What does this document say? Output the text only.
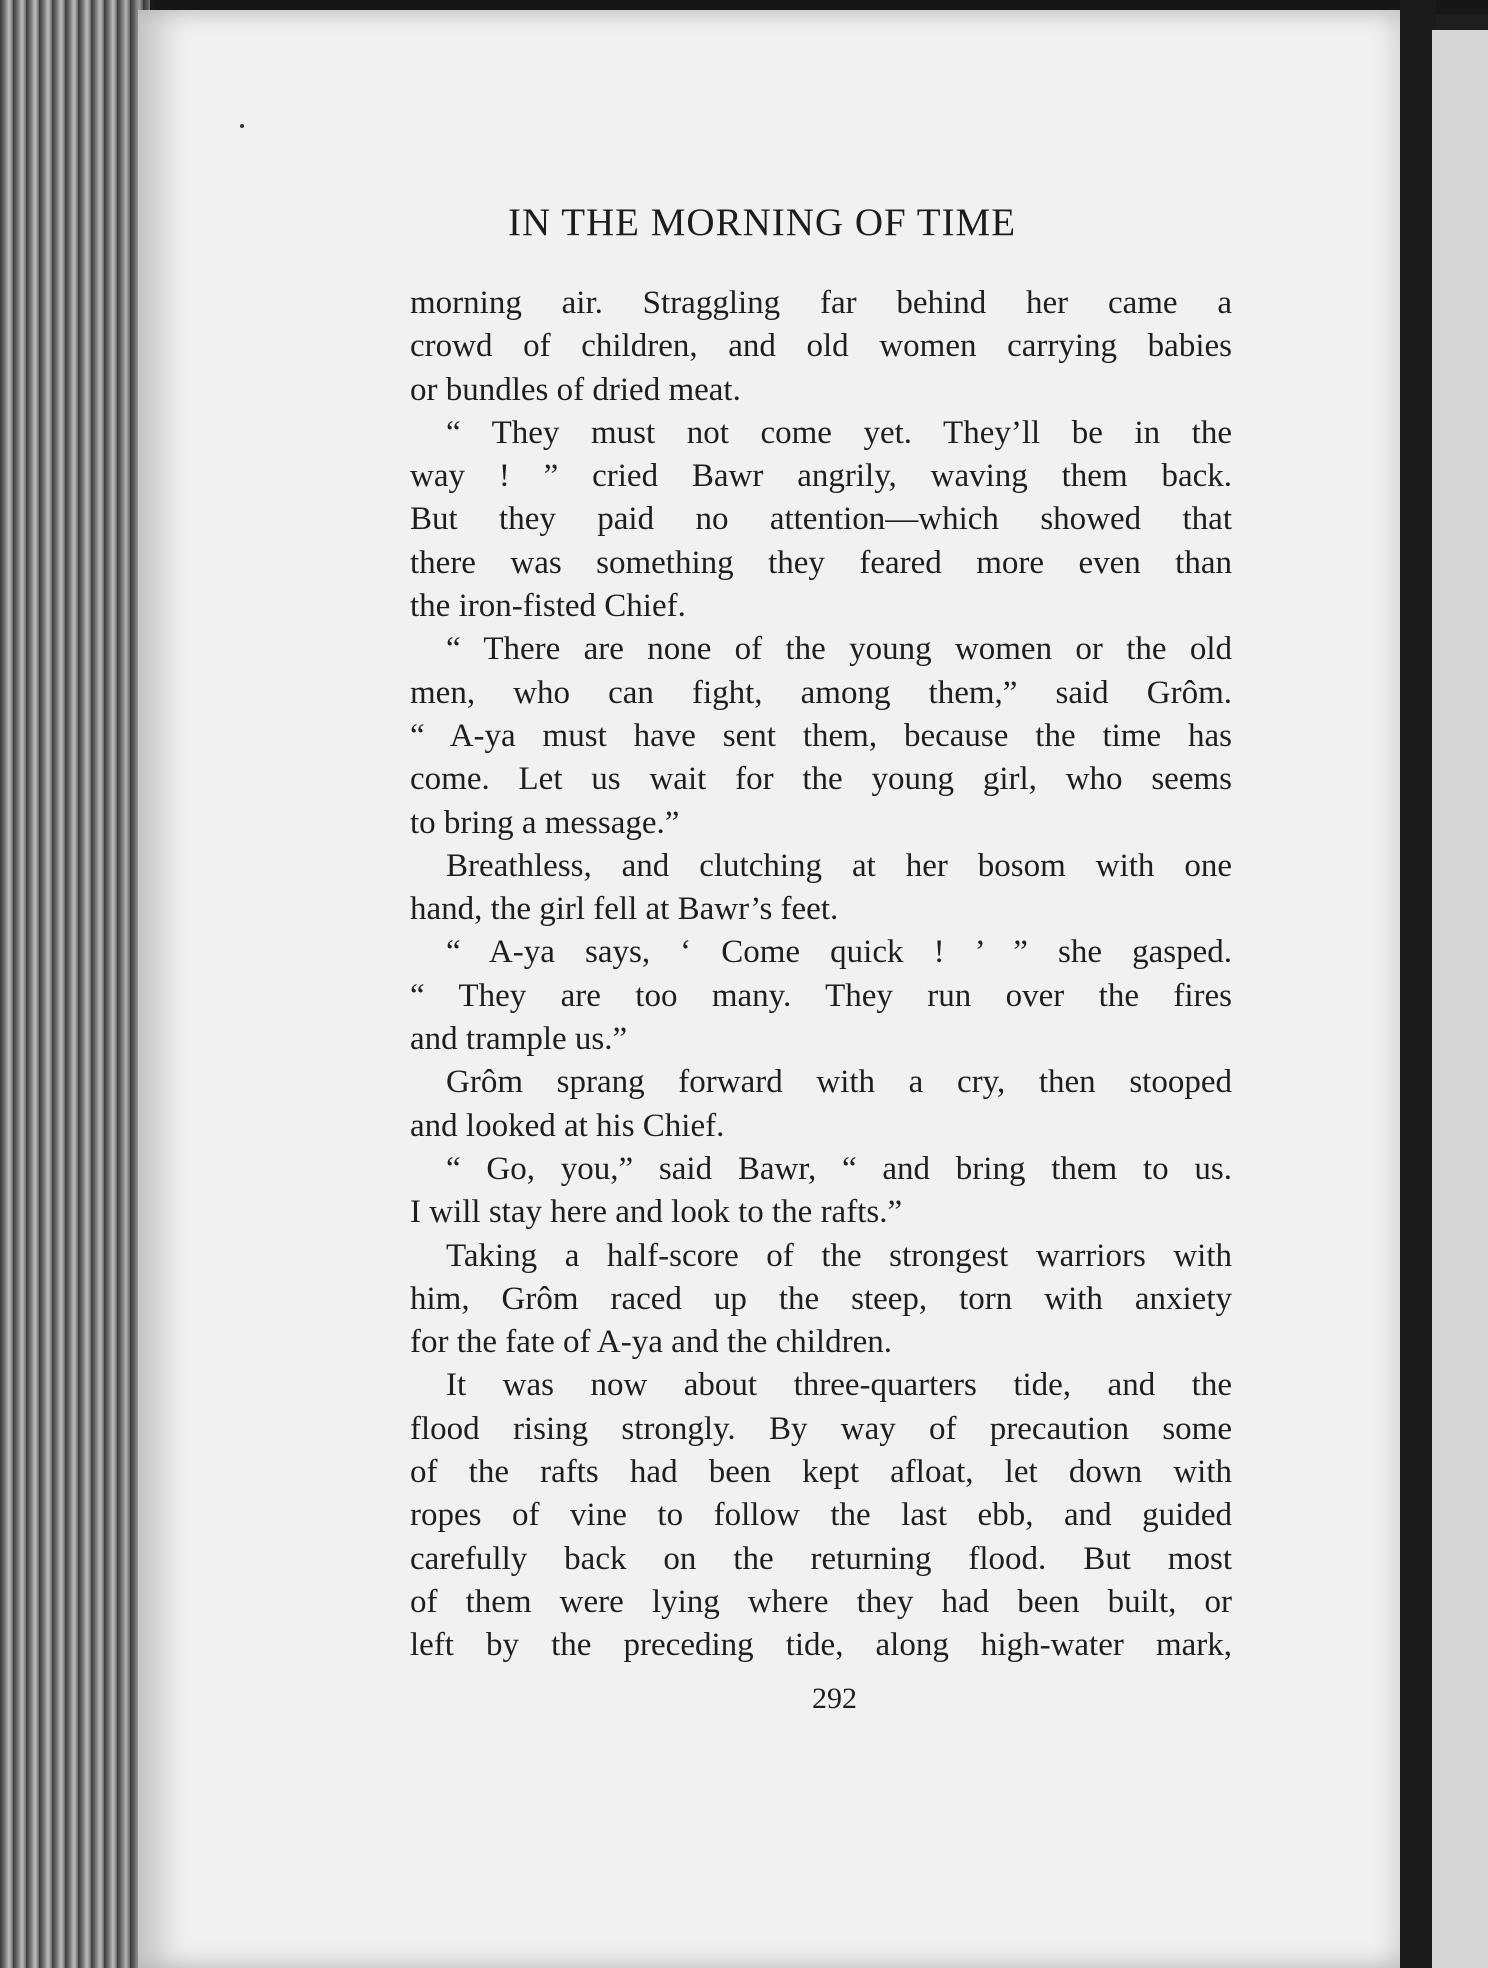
IN THE MORNING OF TIME
morning air. Straggling far behind her came a
crowd of children, and old women carrying babies
or bundles of dried meat.
“ They must not come yet. They’ll be in the
way ! ” cried Bawr angrily, waving them back.
But they paid no attention—which showed that
there was something they feared more even than
the iron-fisted Chief.
“ There are none of the young women or the old
men, who can fight, among them,” said Grôm.
“ A-ya must have sent them, because the time has
come. Let us wait for the young girl, who seems
to bring a message.”
Breathless, and clutching at her bosom with one
hand, the girl fell at Bawr’s feet.
“ A-ya says, ‘ Come quick ! ’ ” she gasped.
“ They are too many. They run over the fires
and trample us.”
Grôm sprang forward with a cry, then stooped
and looked at his Chief.
“ Go, you,” said Bawr, “ and bring them to us.
I will stay here and look to the rafts.”
Taking a half-score of the strongest warriors with
him, Grôm raced up the steep, torn with anxiety
for the fate of A-ya and the children.
It was now about three-quarters tide, and the
flood rising strongly. By way of precaution some
of the rafts had been kept afloat, let down with
ropes of vine to follow the last ebb, and guided
carefully back on the returning flood. But most
of them were lying where they had been built, or
left by the preceding tide, along high-water mark,

292
